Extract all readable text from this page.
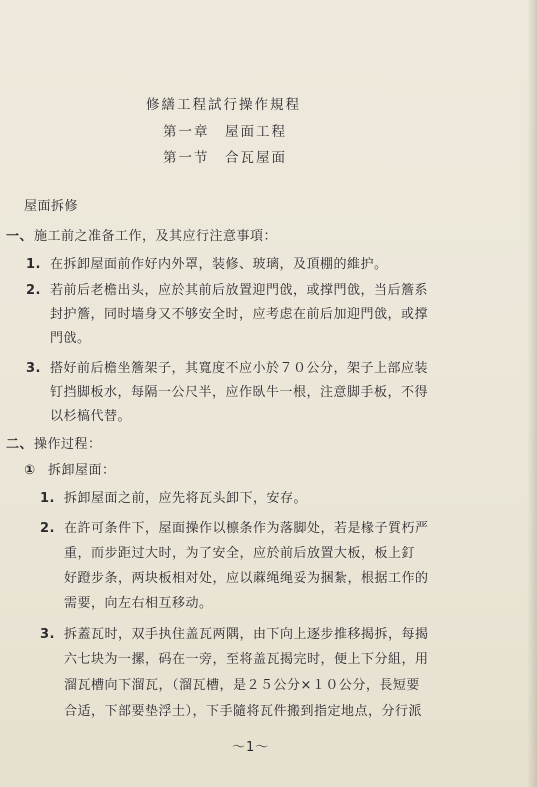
修繕工程試行操作規程
第一章　屋面工程
第一节　合瓦屋面
屋面拆修
一、 施工前之准备工作，及其应行注意事項：
1. 在拆卸屋面前作好内外罩，装修、玻璃，及頂棚的維护。
2. 若前后老檐出头，应於其前后放置迎門戗，或撑門戗，当后簷系
封护簷，同时墙身又不够安全时，应考虑在前后加迎門戗，或撑
門戗。
3. 搭好前后檐坐簷架子，其寬度不应小於７０公分，架子上部应装
钉挡脚板水，每隔一公尺半，应作臥牛一根，注意脚手板，不得
以杉槁代替。
二、 操作过程：
① 拆卸屋面：
1. 拆卸屋面之前，应先将瓦头卸下，安存。
2. 在許可条件下，屋面操作以檩条作为落脚处，若是椽子質朽严
重，而步距过大时，为了安全，应於前后放置大板，板上釘
好蹬步条，两块板相对处，应以蔴绳绳妥为捆紮，根据工作的
需要，向左右相互移动。
3. 拆蓋瓦时，双手执住盖瓦两隅，由下向上逐步推移揭拆，每揭
六七块为一摞，码在一旁，至将盖瓦揭完时，便上下分組，用
溜瓦槽向下溜瓦，（溜瓦槽，是２５公分×１０公分，長短要
合适，下部要垫浮土），下手隨将瓦件搬到指定地点，分行派
～1～
